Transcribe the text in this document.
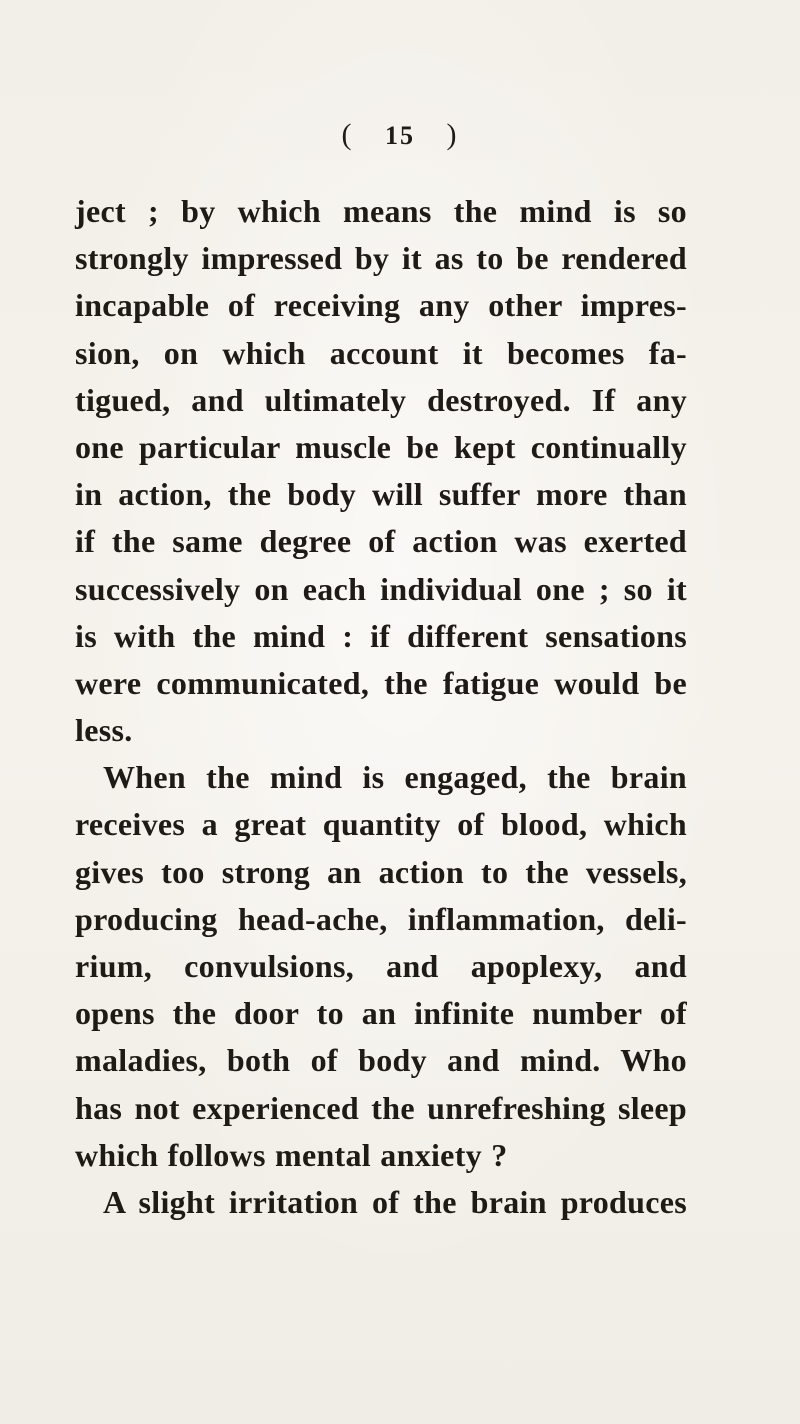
( 15 )
ject ; by which means the mind is so
strongly impressed by it as to be rendered
incapable of receiving any other impres-
sion, on which account it becomes fa-
tigued, and ultimately destroyed. If any
one particular muscle be kept continually
in action, the body will suffer more than
if the same degree of action was exerted
successively on each individual one ; so it
is with the mind : if different sensations
were communicated, the fatigue would be
less.
When the mind is engaged, the brain
receives a great quantity of blood, which
gives too strong an action to the vessels,
producing head-ache, inflammation, deli-
rium, convulsions, and apoplexy, and
opens the door to an infinite number of
maladies, both of body and mind. Who
has not experienced the unrefreshing sleep
which follows mental anxiety ?
A slight irritation of the brain produces
